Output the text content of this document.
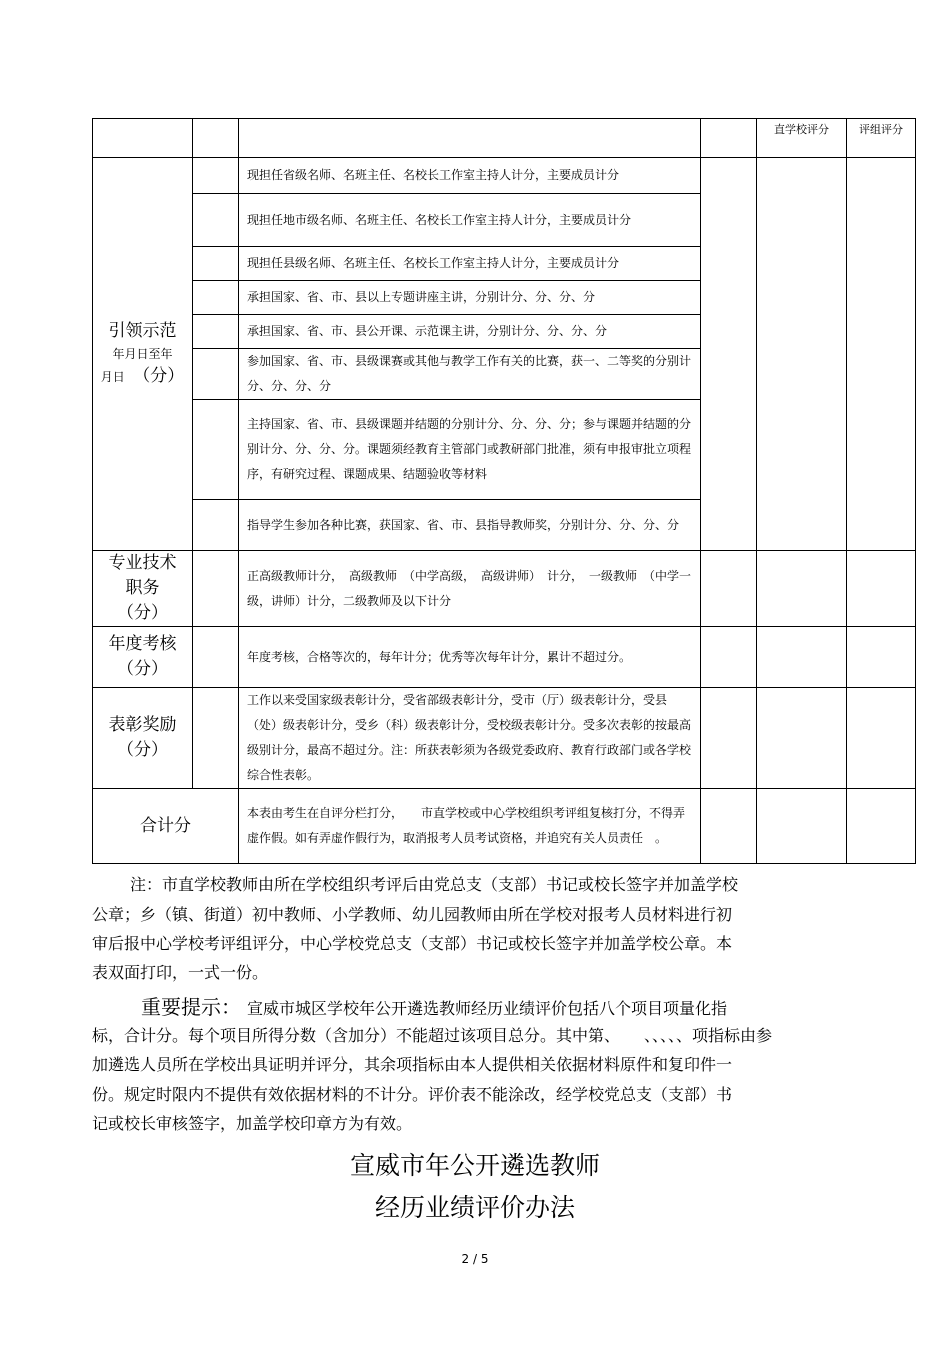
				直学校评分	评组评分

引领示范
年月日至年
月日　 （分）		现担任省级名师、名班主任、名校长工作室主持人计分，主要成员计分			
		现担任地市级名师、名班主任、名校长工作室主持人计分，主要成员计分			
		现担任县级名师、名班主任、名校长工作室主持人计分，主要成员计分			
		承担国家、省、市、县以上专题讲座主讲，分别计分、分、分、分			
		承担国家、省、市、县公开课、示范课主讲，分别计分、分、分、分			
		参加国家、省、市、县级课赛或其他与教学工作有关的比赛，获一、二等奖的分别计分、分、分、分			
		主持国家、省、市、县级课题并结题的分别计分、分、分、分；参与课题并结题的分别计分、分、分、分。课题须经教育主管部门或教研部门批准，须有申报审批立项程序，有研究过程、课题成果、结题验收等材料			
		指导学生参加各种比赛，获国家、省、市、县指导教师奖，分别计分、分、分、分			

专业技术
职务
（分）		正高级教师计分，　高级教师　（中学高级，　高级讲师）　计分，　一级教师　（中学一级，讲师）计分，二级教师及以下计分			

年度考核
（分）		年度考核，合格等次的，每年计分；优秀等次每年计分，累计不超过分。			

表彰奖励
（分）		工作以来受国家级表彰计分，受省部级表彰计分，受市（厅）级表彰计分，受县（处）级表彰计分，受乡（科）级表彰计分，受校级表彰计分。受多次表彰的按最高级别计分，最高不超过分。注：所获表彰须为各级党委政府、教育行政部门或各学校综合性表彰。			
合计分		本表由考生在自评分栏打分，　　市直学校或中心学校组织考评组复核打分，不得弄虚作假。如有弄虚作假行为，取消报考人员考试资格，并追究有关人员责任　。			
注：市直学校教师由所在学校组织考评后由党总支（支部）书记或校长签字并加盖学校
公章；乡（镇、街道）初中教师、小学教师、幼儿园教师由所在学校对报考人员材料进行初
审后报中心学校考评组评分，中心学校党总支（支部）书记或校长签字并加盖学校公章。本
表双面打印，一式一份。
重要提示：　 宣威市城区学校年公开遴选教师经历业绩评价包括八个项目项量化指
标，合计分。每个项目所得分数（含加分）不能超过该项目总分。其中第、　　、、、、、项指标由参
加遴选人员所在学校出具证明并评分，其余项指标由本人提供相关依据材料原件和复印件一
份。规定时限内不提供有效依据材料的不计分。评价表不能涂改，经学校党总支（支部）书
记或校长审核签字，加盖学校印章方为有效。
宣威市年公开遴选教师
经历业绩评价办法
2 / 5
